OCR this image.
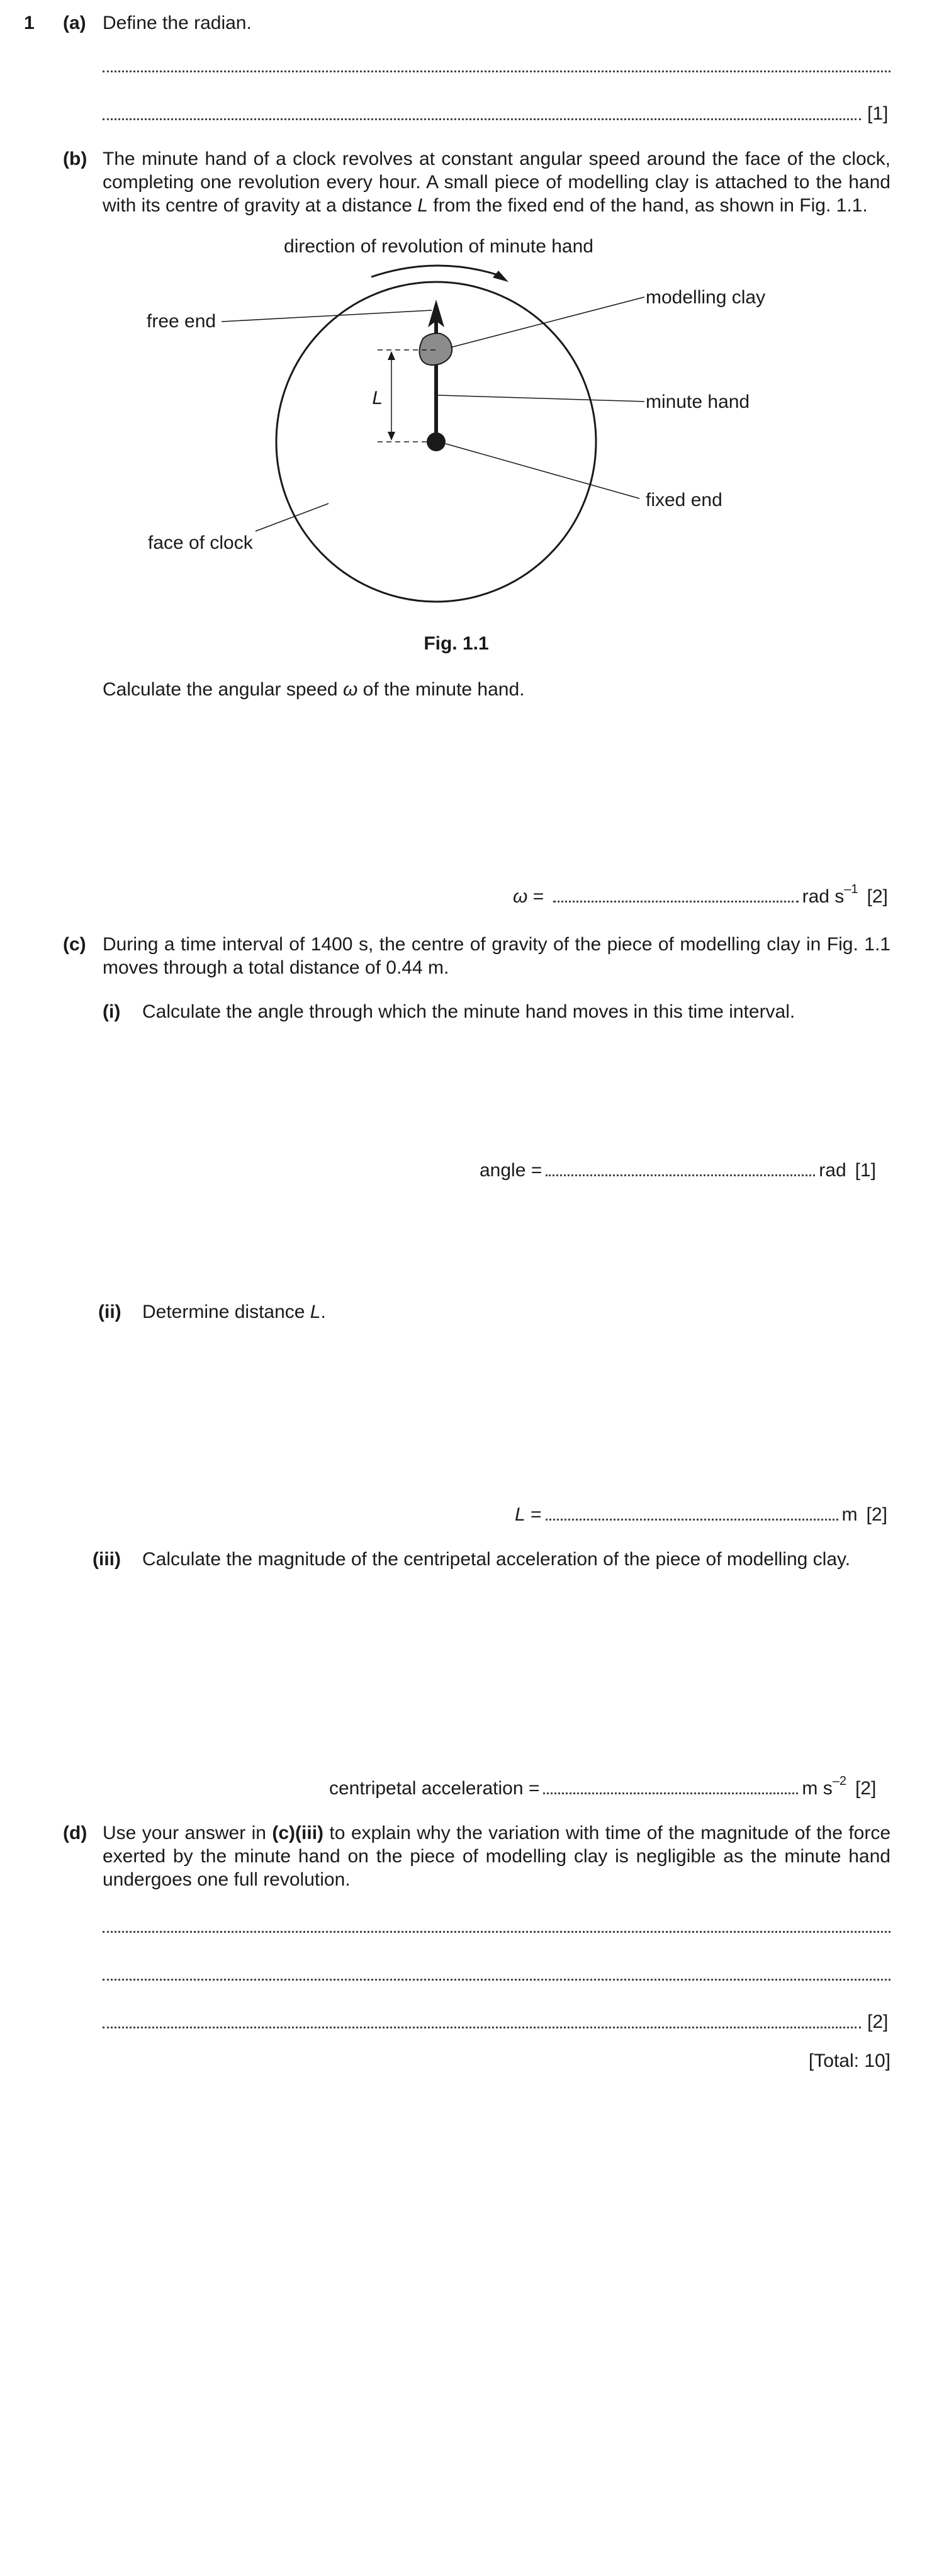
1 (a) Define the radian.
[1]
(b) The minute hand of a clock revolves at constant angular speed around the face of the clock, completing one revolution every hour. A small piece of modelling clay is attached to the hand with its centre of gravity at a distance L from the fixed end of the hand, as shown in Fig. 1.1.
direction of revolution of minute hand
L
free end
modelling clay
minute hand
fixed end
face of clock
Fig. 1.1
Calculate the angular speed ω of the minute hand.
ω =	rad $s^{-1}$ [2]
(c) During a time interval of 1400 s, the centre of gravity of the piece of modelling clay in Fig. 1.1 moves through a total distance of 0.44 m.
(i) Calculate the angle through which the minute hand moves in this time interval.
angle =	rad [1]
(ii) Determine distance L.
L =	m [2]
(iii) Calculate the magnitude of the centripetal acceleration of the piece of modelling clay.
centripetal acceleration =	m $s^{-2}$ [2]
(d) Use your answer in (c)(iii) to explain why the variation with time of the magnitude of the force exerted by the minute hand on the piece of modelling clay is negligible as the minute hand undergoes one full revolution.
[2]
[Total: 10]
